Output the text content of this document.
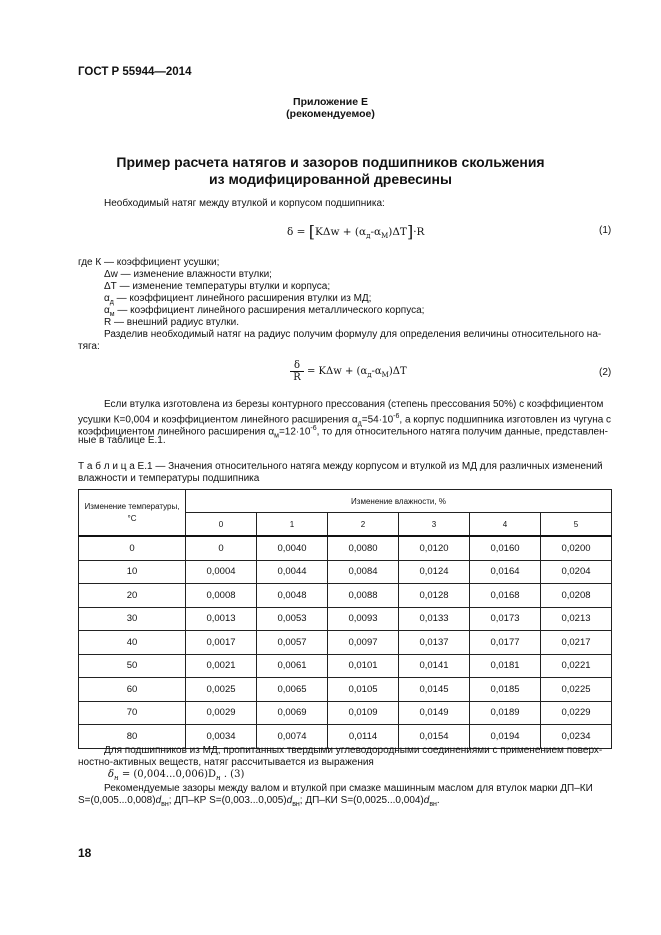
ГОСТ Р 55944—2014
Приложение Е
(рекомендуемое)
Пример расчета натягов и зазоров подшипников скольжения
из модифицированной древесины
Необходимый натяг между втулкой и корпусом подшипника:
$\delta = [K\Delta w + (\alpha_д-\alpha_М)\Delta T]\cdot R$	(1)
где К — коэффициент усушки;
Δw — изменение влажности втулки;
ΔТ — изменение температуры втулки и корпуса;
$\alpha_д$ — коэффициент линейного расширения втулки из МД;
$\alpha_м$ — коэффициент линейного расширения металлического корпуса;
R — внешний радиус втулки.
Разделив необходимый натяг на радиус получим формулу для определения величины относительного на-
тяга:
δ
R
= $K\Delta w + (\alpha_д-\alpha_M)\Delta T$	(2)
Если втулка изготовлена из березы контурного прессования (степень прессования 50%) с коэффициентом
усушки К=0,004 и коэффициентом линейного расширения $\alpha_д=54\cdot 10^{-6}$, а корпус подшипника изготовлен из чугуна с
коэффициентом линейного расширения $\alpha_м=12\cdot 10^{-6}$, то для относительного натяга получим данные, представлен-
ные в таблице Е.1.
Т а б л и ц а Е.1 — Значения относительного натяга между корпусом и втулкой из МД для различных изменений
влажности и температуры подшипника
Изменение температуры, °С	Изменение влажности, %					
	0	1	2	3	4	5
0	0	0,0040	0,0080	0,0120	0,0160	0,0200
10	0,0004	0,0044	0,0084	0,0124	0,0164	0,0204
20	0,0008	0,0048	0,0088	0,0128	0,0168	0,0208
30	0,0013	0,0053	0,0093	0,0133	0,0173	0,0213
40	0,0017	0,0057	0,0097	0,0137	0,0177	0,0217
50	0,0021	0,0061	0,0101	0,0141	0,0181	0,0221
60	0,0025	0,0065	0,0105	0,0145	0,0185	0,0225
70	0,0029	0,0069	0,0109	0,0149	0,0189	0,0229
80	0,0034	0,0074	0,0114	0,0154	0,0194	0,0234
Для подшипников из МД, пропитанных твердыми углеводородными соединениями с применением поверх-
ностно-активных веществ, натяг рассчитывается из выражения
$\delta_н = (0,004...0,006)D_н$ . (3)
Рекомендуемые зазоры между валом и втулкой при смазке машинным маслом для втулок марки ДП–КИ
$S=(0,005...0,008)d_{вн}$; ДП–КР $S=(0,003...0,005)d_{вн}$; ДП–КИ $S=(0,0025...0,004)d_{вн}$.
18
